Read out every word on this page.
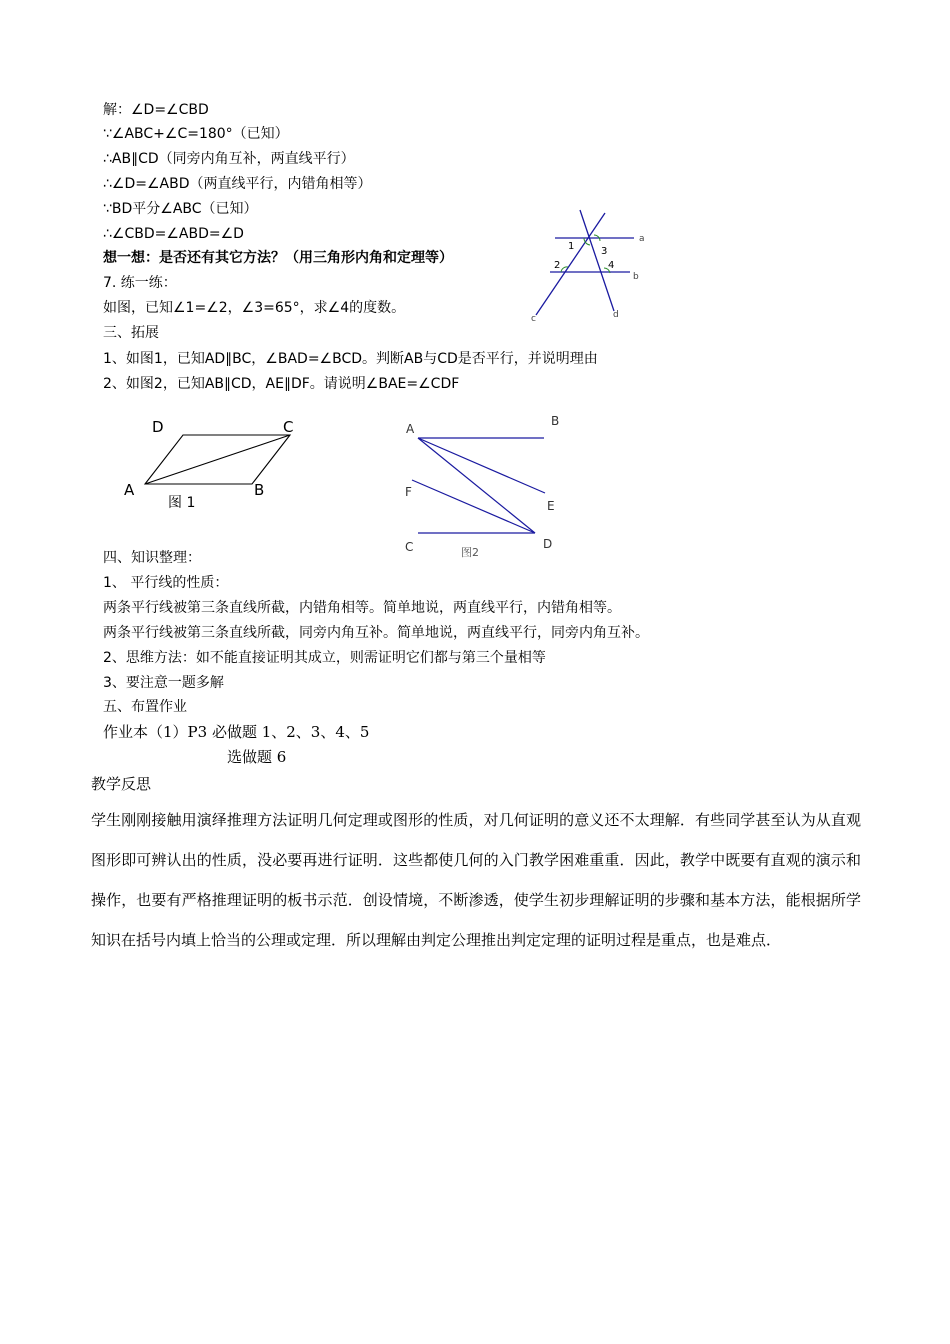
解：∠D=∠CBD
∵∠ABC+∠C=180°（已知）
∴AB∥CD（同旁内角互补，两直线平行）
∴∠D=∠ABD（两直线平行，内错角相等）
∵BD平分∠ABC（已知）
∴∠CBD=∠ABD=∠D
想一想：是否还有其它方法？（用三角形内角和定理等）
7. 练一练：
如图，已知∠1=∠2，∠3=65°，求∠4的度数。
1	3
2	4
a
b
c	d
三、拓展
1、如图1，已知AD∥BC，∠BAD=∠BCD。判断AB与CD是否平行，并说明理由
2、如图2，已知AB∥CD，AE∥DF。请说明∠BAE=∠CDF
A	B
C
D
图 1
A
B
F
E
C	D
图2
四、知识整理：
1、 平行线的性质：
两条平行线被第三条直线所截，内错角相等。简单地说，两直线平行，内错角相等。
两条平行线被第三条直线所截，同旁内角互补。简单地说，两直线平行，同旁内角互补。
2、思维方法：如不能直接证明其成立，则需证明它们都与第三个量相等
3、要注意一题多解
五、布置作业
作业本（1）P3 必做题 1、2、3、4、5
选做题 6
教学反思
学生刚刚接触用演绎推理方法证明几何定理或图形的性质，对几何证明的意义还不太理解．有些同学甚至认为从直观图形即可辨认出的性质，没必要再进行证明．这些都使几何的入门教学困难重重．因此，教学中既要有直观的演示和操作，也要有严格推理证明的板书示范．创设情境，不断渗透，使学生初步理解证明的步骤和基本方法，能根据所学知识在括号内填上恰当的公理或定理．所以理解由判定公理推出判定定理的证明过程是重点，也是难点．
